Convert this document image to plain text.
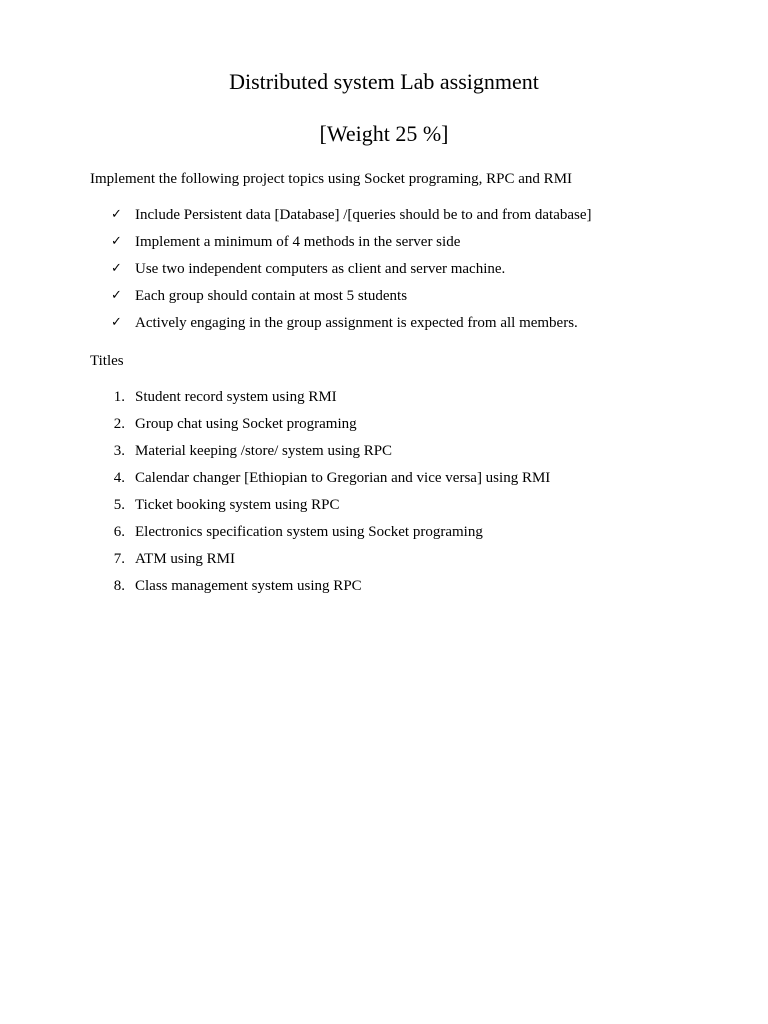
Distributed system Lab assignment
[Weight 25 %]

Implement the following project topics using Socket programing, RPC and RMI

✓ Include Persistent data [Database] /[queries should be to and from database]
✓ Implement a minimum of 4 methods in the server side
✓ Use two independent computers as client and server machine.
✓ Each group should contain at most 5 students
✓ Actively engaging in the group assignment is expected from all members.
Titles
1. Student record system using RMI
2. Group chat using Socket programing
3. Material keeping /store/ system using RPC
4. Calendar changer [Ethiopian to Gregorian and vice versa] using RMI
5. Ticket booking system using RPC
6. Electronics specification system using Socket programing
7. ATM using RMI
8. Class management system using RPC
